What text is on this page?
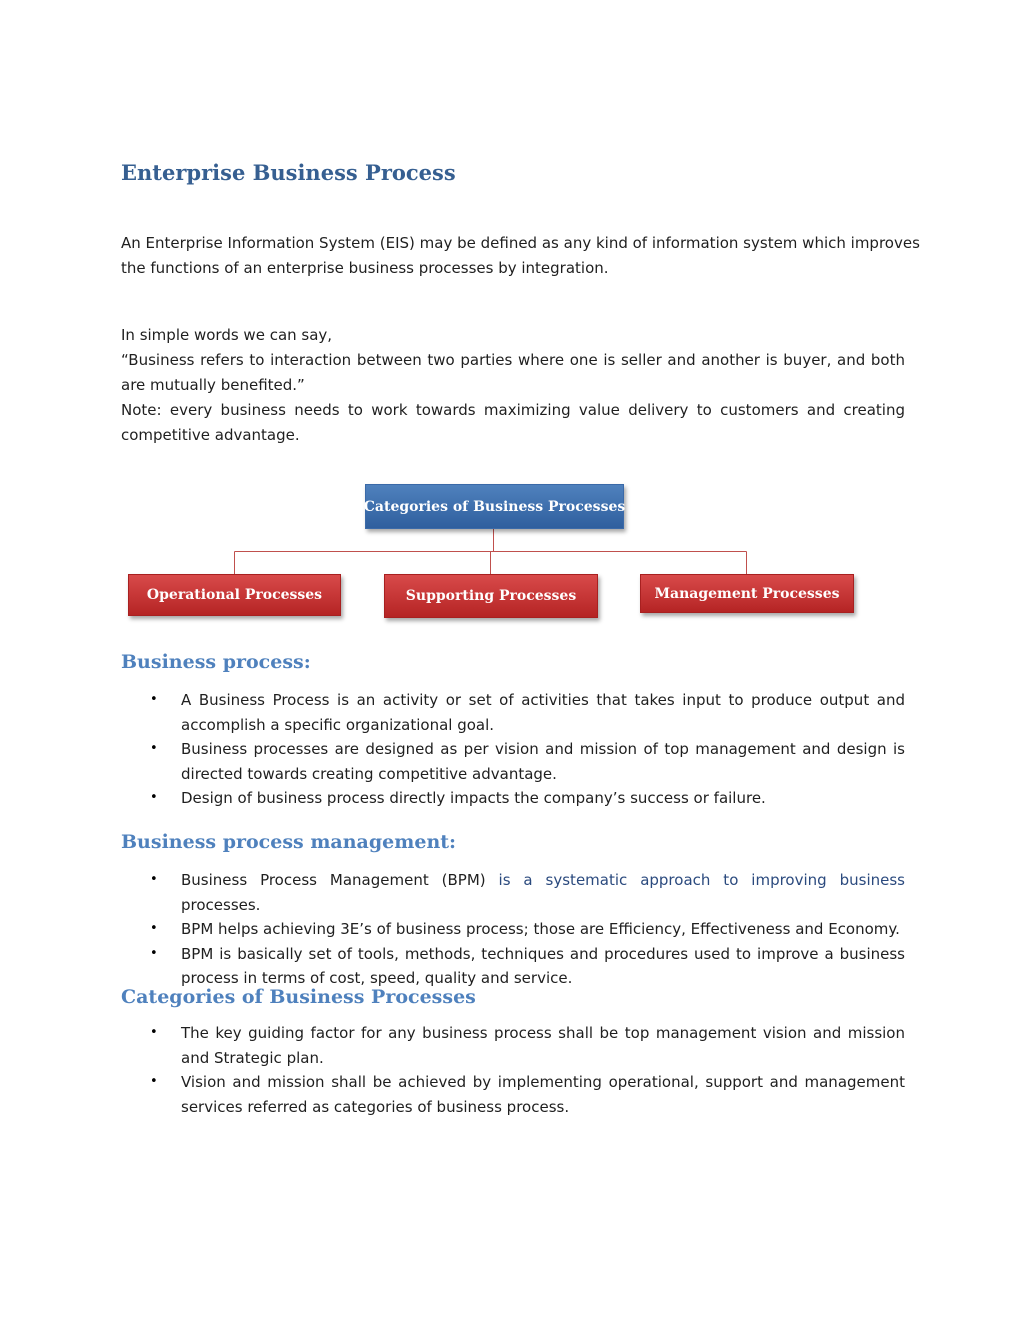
Enterprise Business Process

An Enterprise Information System (EIS) may be defined as any kind of information system which improves the functions of an enterprise business processes by integration.

In simple words we can say,
“Business refers to interaction between two parties where one is seller and another is buyer, and both are mutually benefited.”
Note: every business needs to work towards maximizing value delivery to customers and creating competitive advantage.
Categories of Business Processes
Operational Processes	Supporting Processes	Management Processes
Business process:
• A Business Process is an activity or set of activities that takes input to produce output and accomplish a specific organizational goal.
• Business processes are designed as per vision and mission of top management and design is directed towards creating competitive advantage.
• Design of business process directly impacts the company’s success or failure.
Business process management:
• Business Process Management (BPM) is a systematic approach to improving business processes.
• BPM helps achieving 3E’s of business process; those are Efficiency, Effectiveness and Economy.
• BPM is basically set of tools, methods, techniques and procedures used to improve a business process in terms of cost, speed, quality and service.
Categories of Business Processes
• The key guiding factor for any business process shall be top management vision and mission and Strategic plan.
• Vision and mission shall be achieved by implementing operational, support and management services referred as categories of business process.
